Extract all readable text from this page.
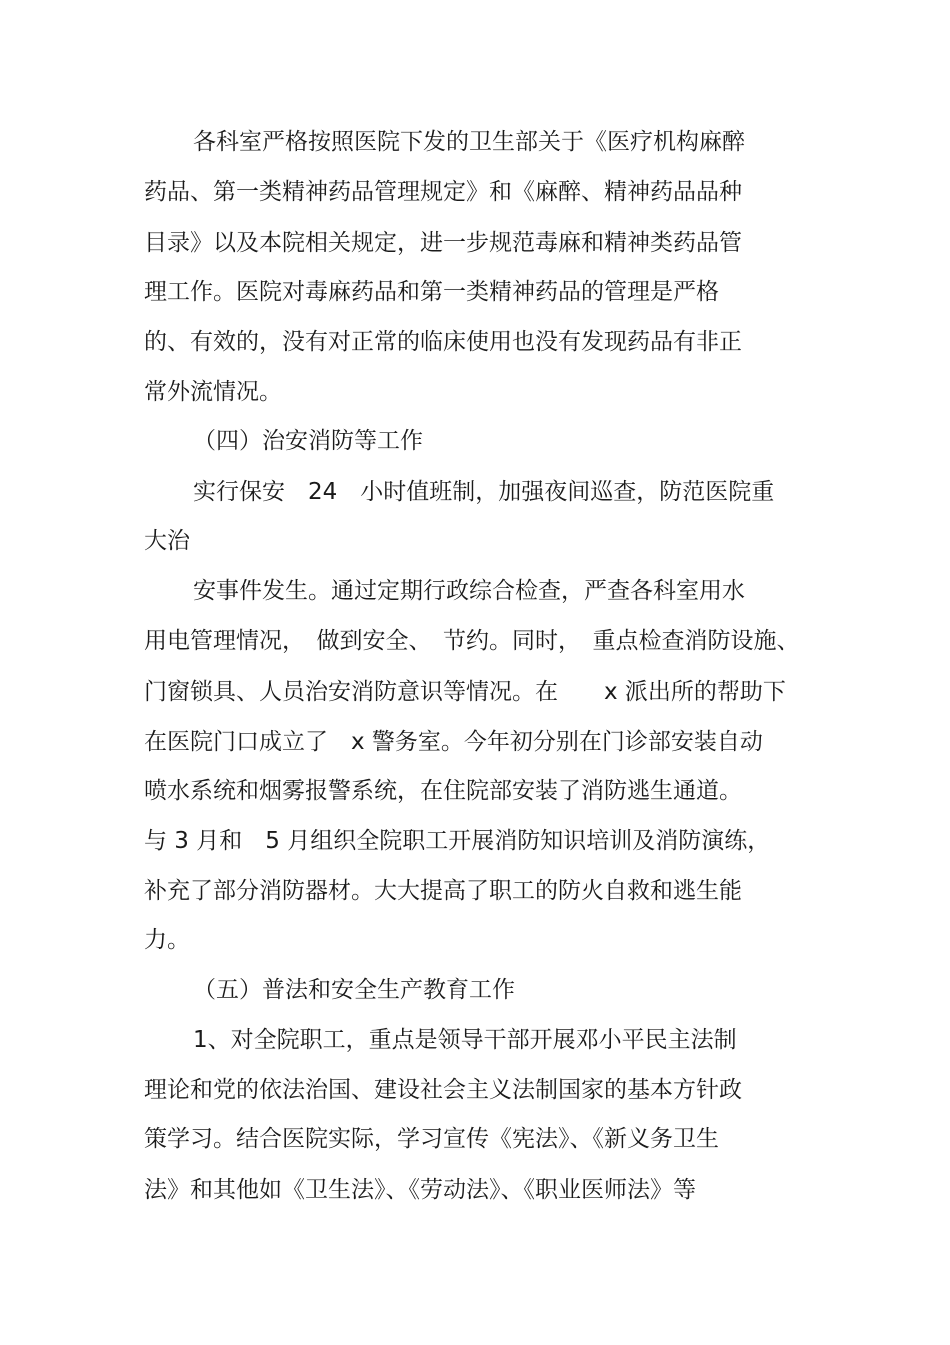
各科室严格按照医院下发的卫生部关于《医疗机构麻醉
药品、第一类精神药品管理规定》和《麻醉、精神药品品种
目录》以及本院相关规定，进一步规范毒麻和精神类药品管
理工作。医院对毒麻药品和第一类精神药品的管理是严格
的、有效的，没有对正常的临床使用也没有发现药品有非正
常外流情况。
（四）治安消防等工作
实行保安　24　小时值班制，加强夜间巡查，防范医院重
大治
安事件发生。通过定期行政综合检查，严查各科室用水
用电管理情况，　做到安全、　节约。同时，　重点检查消防设施、
门窗锁具、人员治安消防意识等情况。在　　x 派出所的帮助下
在医院门口成立了　x 警务室。今年初分别在门诊部安装自动
喷水系统和烟雾报警系统，在住院部安装了消防逃生通道。
与 3 月和　5 月组织全院职工开展消防知识培训及消防演练，
补充了部分消防器材。大大提高了职工的防火自救和逃生能
力。
（五）普法和安全生产教育工作
1、对全院职工，重点是领导干部开展邓小平民主法制
理论和党的依法治国、建设社会主义法制国家的基本方针政
策学习。结合医院实际，学习宣传《宪法》、《新义务卫生
法》和其他如《卫生法》、《劳动法》、《职业医师法》等
